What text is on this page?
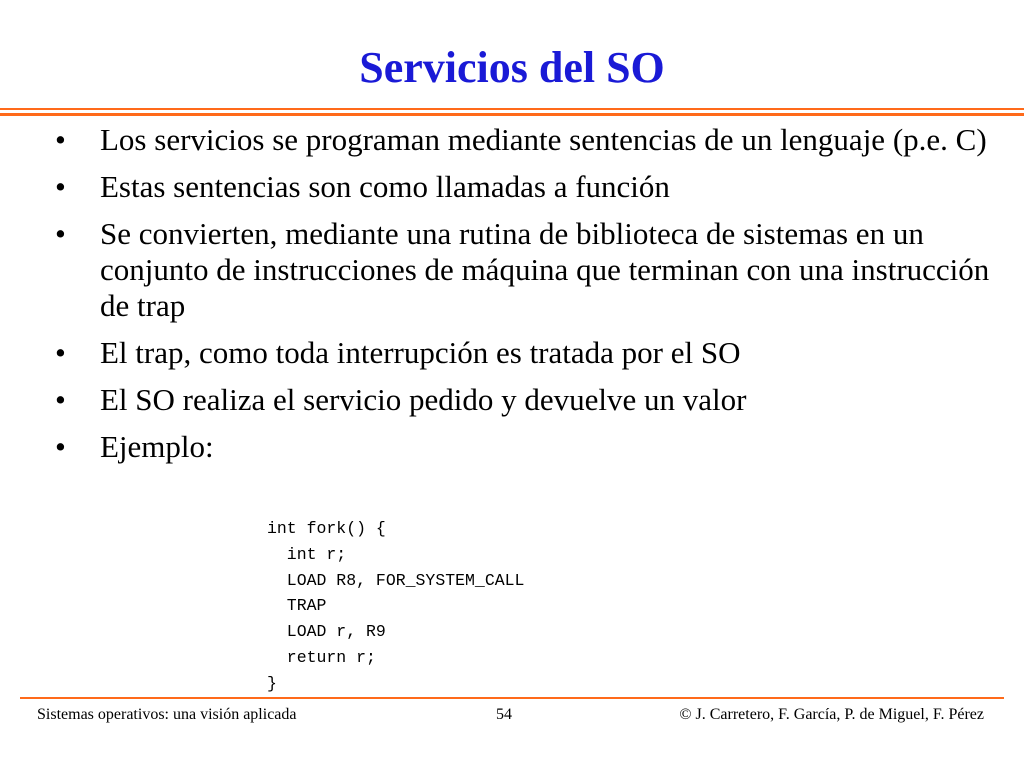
Servicios del SO
•	Los servicios se programan mediante sentencias de un lenguaje (p.e. C)
•	Estas sentencias son como llamadas a función
•	Se convierten, mediante una rutina de biblioteca de sistemas en un conjunto de instrucciones de máquina que terminan con una instrucción de trap
•	El trap, como toda interrupción es tratada por el SO
•	El SO realiza el servicio pedido y devuelve un valor
•	Ejemplo:
int fork() {
int r;
LOAD R8, FOR_SYSTEM_CALL
TRAP
LOAD r, R9
return r;
}
Sistemas operativos: una visión aplicada	54	© J. Carretero, F. García, P. de Miguel, F. Pérez
